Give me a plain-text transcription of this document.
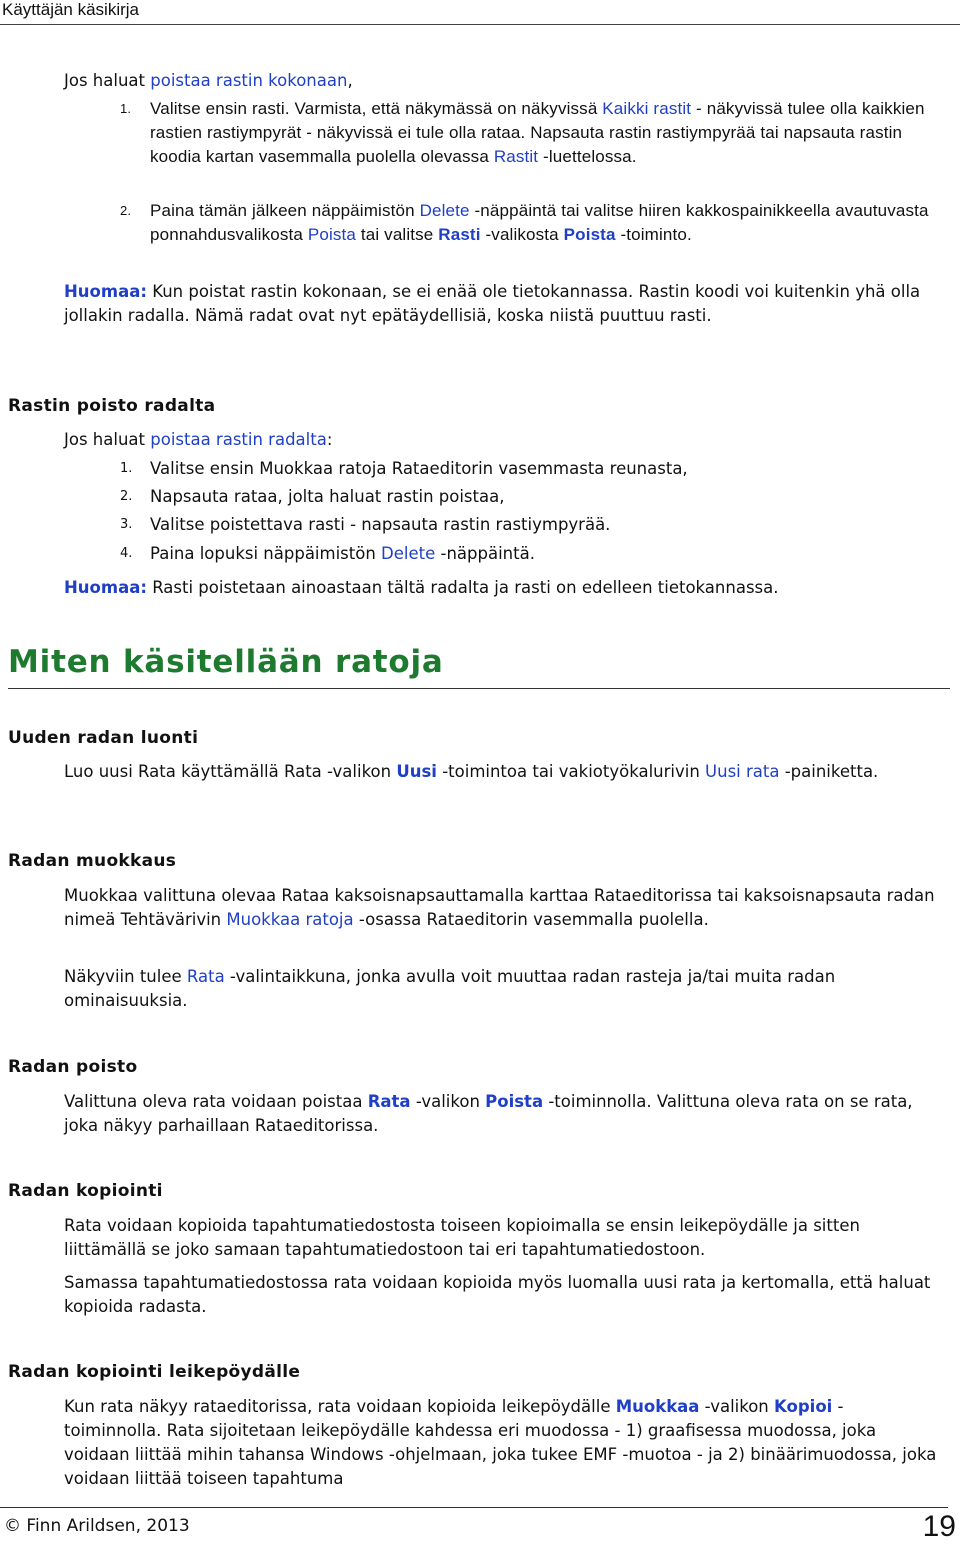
Käyttäjän käsikirja
Jos haluat poistaa rastin kokonaan,
1.	Valitse ensin rasti. Varmista, että näkymässä on näkyvissä Kaikki rastit - näkyvissä tulee olla kaikkien rastien rastiympyrät - näkyvissä ei tule olla rataa. Napsauta rastin rastiympyrää tai napsauta rastin koodia kartan vasemmalla puolella olevassa Rastit -luettelossa.
2.	Paina tämän jälkeen näppäimistön Delete -näppäintä tai valitse hiiren kakkospainikkeella avautuvasta ponnahdusvalikosta Poista tai valitse Rasti -valikosta Poista -toiminto.
Huomaa: Kun poistat rastin kokonaan, se ei enää ole tietokannassa. Rastin koodi voi kuitenkin yhä olla jollakin radalla. Nämä radat ovat nyt epätäydellisiä, koska niistä puuttuu rasti.
Rastin poisto radalta
Jos haluat poistaa rastin radalta:
1.	Valitse ensin Muokkaa ratoja Rataeditorin vasemmasta reunasta,
2.	Napsauta rataa, jolta haluat rastin poistaa,
3.	Valitse poistettava rasti - napsauta rastin rastiympyrää.
4.	Paina lopuksi näppäimistön Delete -näppäintä.
Huomaa: Rasti poistetaan ainoastaan tältä radalta ja rasti on edelleen tietokannassa.
Miten käsitellään ratoja
Uuden radan luonti
Luo uusi Rata käyttämällä Rata -valikon Uusi -toimintoa tai vakiotyökalurivin Uusi rata -painiketta.
Radan muokkaus
Muokkaa valittuna olevaa Rataa kaksoisnapsauttamalla karttaa Rataeditorissa tai kaksoisnapsauta radan nimeä Tehtävärivin Muokkaa ratoja -osassa Rataeditorin vasemmalla puolella.
Näkyviin tulee Rata -valintaikkuna, jonka avulla voit muuttaa radan rasteja ja/tai muita radan ominaisuuksia.
Radan poisto
Valittuna oleva rata voidaan poistaa Rata -valikon Poista -toiminnolla. Valittuna oleva rata on se rata, joka näkyy parhaillaan Rataeditorissa.
Radan kopiointi
Rata voidaan kopioida tapahtumatiedostosta toiseen kopioimalla se ensin leikepöydälle ja sitten liittämällä se joko samaan tapahtumatiedostoon tai eri tapahtumatiedostoon.
Samassa tapahtumatiedostossa rata voidaan kopioida myös luomalla uusi rata ja kertomalla, että haluat kopioida radasta.
Radan kopiointi leikepöydälle
Kun rata näkyy rataeditorissa, rata voidaan kopioida leikepöydälle Muokkaa -valikon Kopioi -toiminnolla. Rata sijoitetaan leikepöydälle kahdessa eri muodossa - 1) graafisessa muodossa, joka voidaan liittää mihin tahansa Windows -ohjelmaan, joka tukee EMF -muotoa - ja 2) binäärimuodossa, joka voidaan liittää toiseen tapahtuma
© Finn Arildsen, 2013	19
